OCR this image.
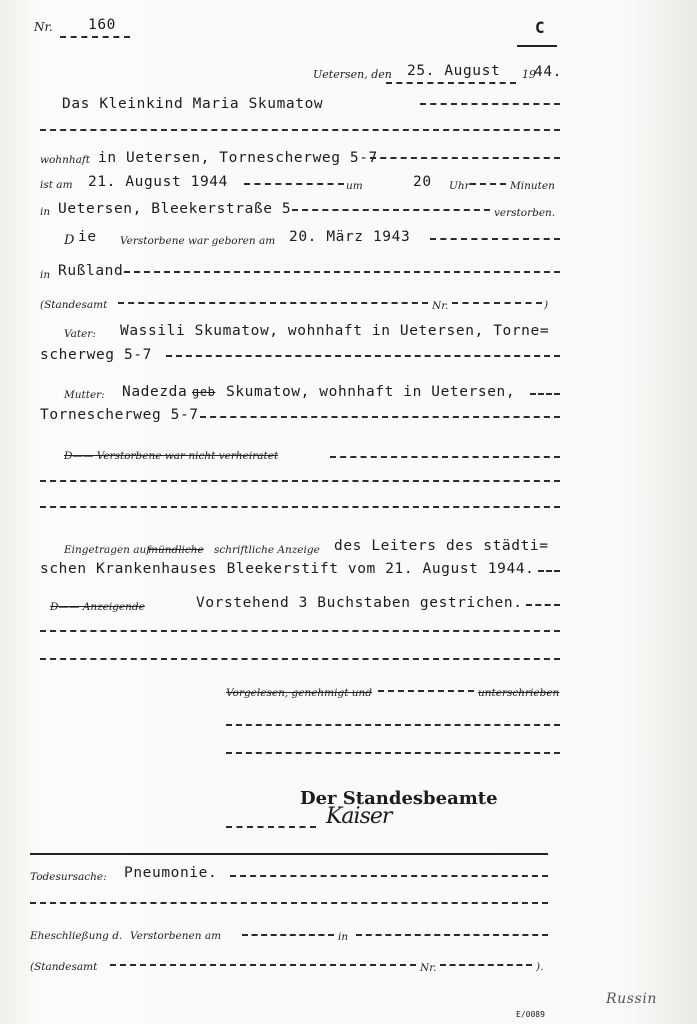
Nr. 160	C
Uetersen, den 25. August 19
44.
Das Kleinkind Maria Skumatow
wohnhaft in Uetersen, Tornescherweg 5-7
ist am 21. August 1944	um	20 Uhr	Minuten
in Uetersen, Bleekerstraße 5	verstorben.
D ie Verstorbene war geboren am 20. März 1943
in Rußland
(Standesamt	Nr.	)
Vater: Wassili Skumatow, wohnhaft in Uetersen, Torne=
scherweg 5-7
Mutter: Nadezda geb Skumatow, wohnhaft in Uetersen,
Tornescherweg 5-7
D—— Verstorbene war nicht verheiratet
Eingetragen auf
mündliche schriftliche Anzeige des Leiters des städti=
schen Krankenhauses Bleekerstift vom 21. August 1944.
D—— Anzeigende	Vorstehend 3 Buchstaben gestrichen.
Vorgelesen, genehmigt und	unterschrieben
Der Standesbeamte
Kaiser
Todesursache: Pneumonie.
Eheschließung d. Verstorbenen am	in
(Standesamt	Nr.	).
E/0089
Russin
